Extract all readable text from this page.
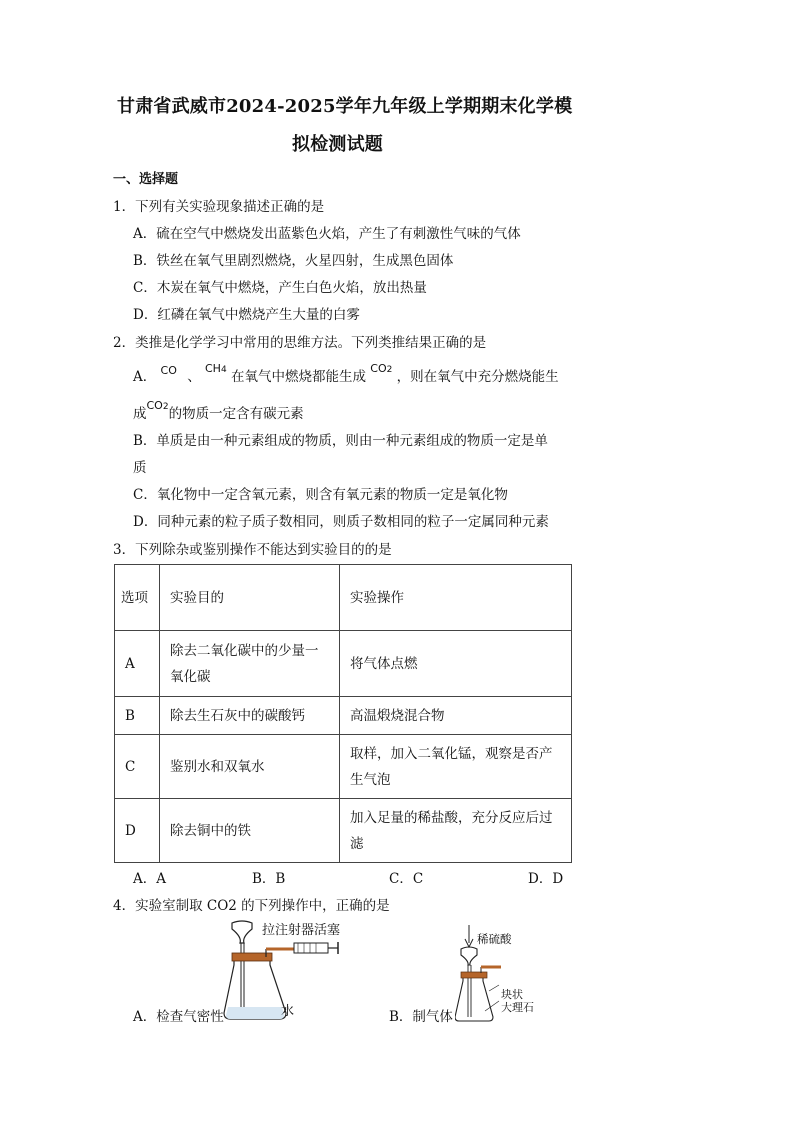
甘肃省武威市2024-2025学年九年级上学期期末化学模
拟检测试题
一、选择题
1．下列有关实验现象描述正确的是
A．硫在空气中燃烧发出蓝紫色火焰，产生了有刺激性气味的气体
B．铁丝在氧气里剧烈燃烧，火星四射，生成黑色固体
C．木炭在氧气中燃烧，产生白色火焰，放出热量
D．红磷在氧气中燃烧产生大量的白雾
2．类推是化学学习中常用的思维方法。下列类推结果正确的是
A． $^{CO}$ 、 $^{CH4}$ 在氧气中燃烧都能生成 $^{CO2}$ ，则在氧气中充分燃烧能生
成$^{CO2}$的物质一定含有碳元素
B．单质是由一种元素组成的物质，则由一种元素组成的物质一定是单
质
C．氧化物中一定含氧元素，则含有氧元素的物质一定是氧化物
D．同种元素的粒子质子数相同，则质子数相同的粒子一定属同种元素
3．下列除杂或鉴别操作不能达到实验目的的是
选项	实验目的	实验操作
A	除去二氧化碳中的少量一氧化碳	将气体点燃
B	除去生石灰中的碳酸钙	高温煅烧混合物
C	鉴别水和双氧水	取样，加入二氧化锰，观察是否产生气泡
D	除去铜中的铁	加入足量的稀盐酸，充分反应后过滤
A．A	B．B	C．C	D．D
4．实验室制取 CO2 的下列操作中，正确的是
拉注射器活塞
水
A．检查气密性
稀硫酸
块状
大理石
B．制气体
